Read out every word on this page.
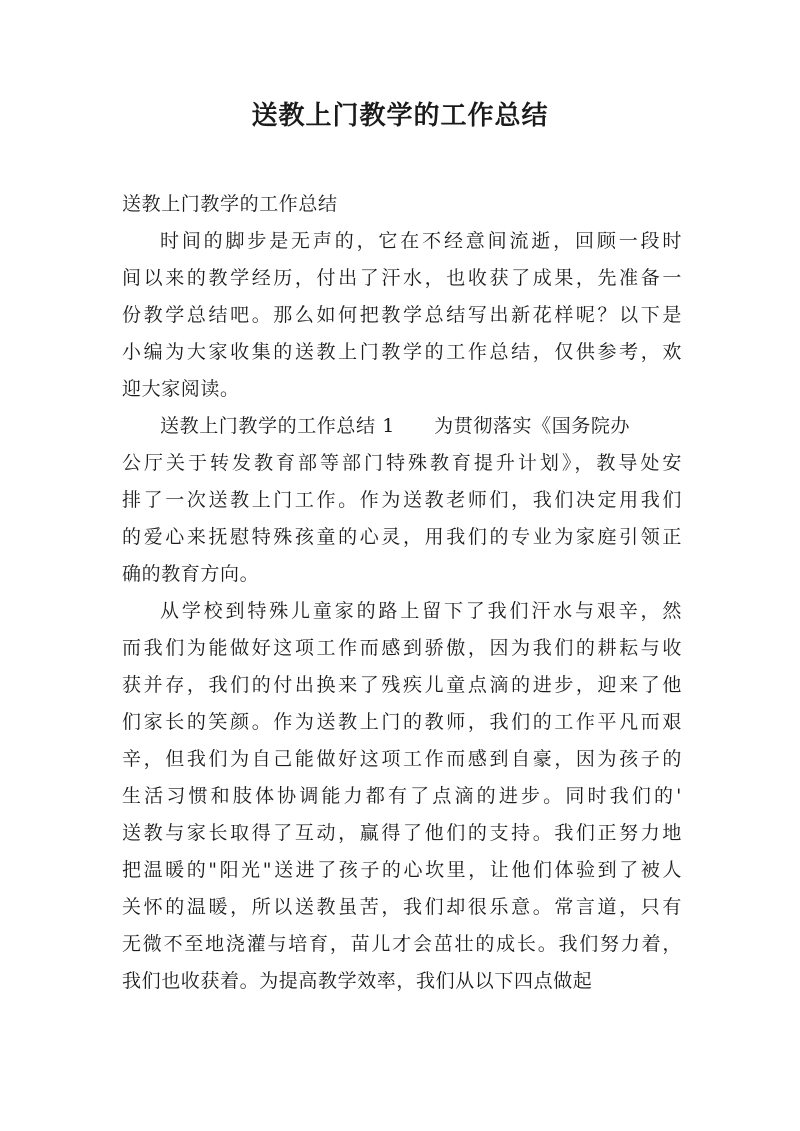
送教上门教学的工作总结
送教上门教学的工作总结
时间的脚步是无声的，它在不经意间流逝，回顾一段时
间以来的教学经历，付出了汗水，也收获了成果，先准备一
份教学总结吧。那么如何把教学总结写出新花样呢？以下是
小编为大家收集的送教上门教学的工作总结，仅供参考，欢
迎大家阅读。
送教上门教学的工作总结 1　　为贯彻落实《国务院办
公厅关于转发教育部等部门特殊教育提升计划》，教导处安
排了一次送教上门工作。作为送教老师们，我们决定用我们
的爱心来抚慰特殊孩童的心灵，用我们的专业为家庭引领正
确的教育方向。
从学校到特殊儿童家的路上留下了我们汗水与艰辛，然
而我们为能做好这项工作而感到骄傲，因为我们的耕耘与收
获并存，我们的付出换来了残疾儿童点滴的进步，迎来了他
们家长的笑颜。作为送教上门的教师，我们的工作平凡而艰
辛，但我们为自己能做好这项工作而感到自豪，因为孩子的
生活习惯和肢体协调能力都有了点滴的进步。同时我们的'
送教与家长取得了互动，赢得了他们的支持。我们正努力地
把温暖的"阳光"送进了孩子的心坎里，让他们体验到了被人
关怀的温暖，所以送教虽苦，我们却很乐意。常言道，只有
无微不至地浇灌与培育，苗儿才会茁壮的成长。我们努力着，
我们也收获着。为提高教学效率，我们从以下四点做起
